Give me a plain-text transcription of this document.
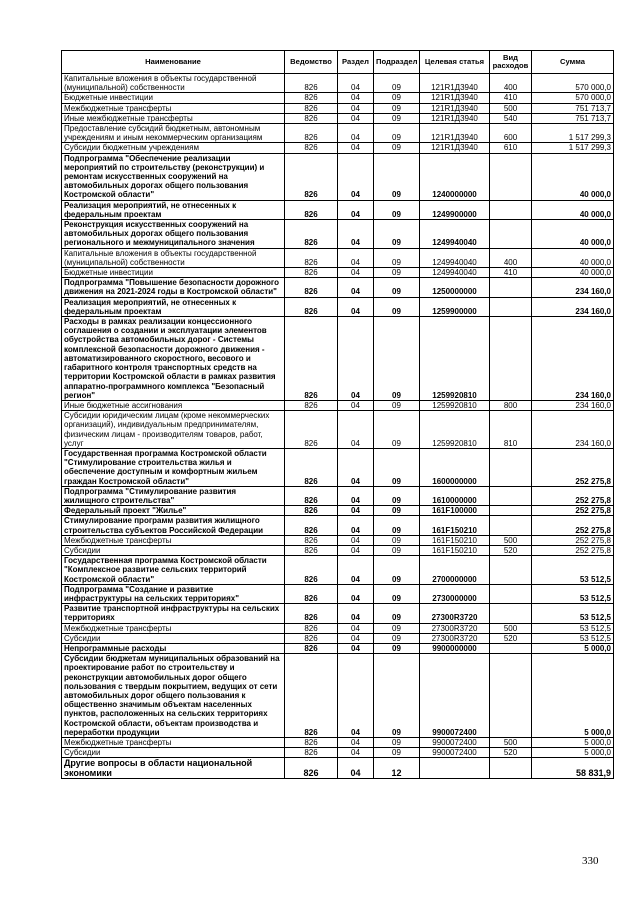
Наименование	Ведомство	Раздел	Подраздел	Целевая статья	Вид расходов	Сумма
Капитальные вложения в объекты государственной (муниципальной) собственности	826	04	09	121R1Д3940	400	570 000,0
Бюджетные инвестиции	826	04	09	121R1Д3940	410	570 000,0
Межбюджетные трансферты	826	04	09	121R1Д3940	500	751 713,7
Иные межбюджетные трансферты	826	04	09	121R1Д3940	540	751 713,7
Предоставление субсидий бюджетным, автономным учреждениям и иным некоммерческим организациям	826	04	09	121R1Д3940	600	1 517 299,3
Субсидии бюджетным учреждениям	826	04	09	121R1Д3940	610	1 517 299,3
Подпрограмма "Обеспечение реализации мероприятий по строительству (реконструкции) и ремонтам искусственных сооружений на автомобильных дорогах общего пользования Костромской области"	826	04	09	1240000000		40 000,0
Реализация мероприятий, не отнесенных к федеральным проектам	826	04	09	1249900000		40 000,0
Реконструкция искусственных сооружений на автомобильных дорогах общего пользования регионального и межмуниципального значения	826	04	09	1249940040		40 000,0
Капитальные вложения в объекты государственной (муниципальной) собственности	826	04	09	1249940040	400	40 000,0
Бюджетные инвестиции	826	04	09	1249940040	410	40 000,0
Подпрограмма "Повышение безопасности дорожного движения на 2021-2024 годы в Костромской области"	826	04	09	1250000000		234 160,0
Реализация мероприятий, не отнесенных к федеральным проектам	826	04	09	1259900000		234 160,0
Расходы в рамках реализации концессионного соглашения о создании и эксплуатации элементов обустройства автомобильных дорог - Системы комплексной безопасности дорожного движения - автоматизированного скоростного, весового и габаритного контроля транспортных средств на территории Костромской области в рамках развития аппаратно-программного комплекса "Безопасный регион"	826	04	09	1259920810		234 160,0
Иные бюджетные ассигнования	826	04	09	1259920810	800	234 160,0
Субсидии юридическим лицам (кроме некоммерческих организаций), индивидуальным предпринимателям, физическим лицам - производителям товаров, работ, услуг	826	04	09	1259920810	810	234 160,0
Государственная программа Костромской области "Стимулирование строительства жилья и обеспечение доступным и комфортным жильем граждан Костромской области"	826	04	09	1600000000		252 275,8
Подпрограмма "Стимулирование развития жилищного строительства"	826	04	09	1610000000		252 275,8
Федеральный проект "Жилье"	826	04	09	161F100000		252 275,8
Стимулирование программ развития жилищного строительства субъектов Российской Федерации	826	04	09	161F150210		252 275,8
Межбюджетные трансферты	826	04	09	161F150210	500	252 275,8
Субсидии	826	04	09	161F150210	520	252 275,8
Государственная программа Костромской области "Комплексное развитие сельских территорий Костромской области"	826	04	09	2700000000		53 512,5
Подпрограмма "Создание и развитие инфраструктуры на сельских территориях"	826	04	09	2730000000		53 512,5
Развитие транспортной инфраструктуры на сельских территориях	826	04	09	27300R3720		53 512,5
Межбюджетные трансферты	826	04	09	27300R3720	500	53 512,5
Субсидии	826	04	09	27300R3720	520	53 512,5
Непрограммные расходы	826	04	09	9900000000		5 000,0
Субсидии бюджетам муниципальных образований на проектирование работ по строительству и реконструкции автомобильных дорог общего пользования с твердым покрытием, ведущих от сети автомобильных дорог общего пользования к общественно значимым объектам населенных пунктов, расположенных на сельских территориях Костромской области, объектам производства и переработки продукции	826	04	09	9900072400		5 000,0
Межбюджетные трансферты	826	04	09	9900072400	500	5 000,0
Субсидии	826	04	09	9900072400	520	5 000,0
Другие вопросы в области национальной экономики	826	04	12			58 831,9
330
